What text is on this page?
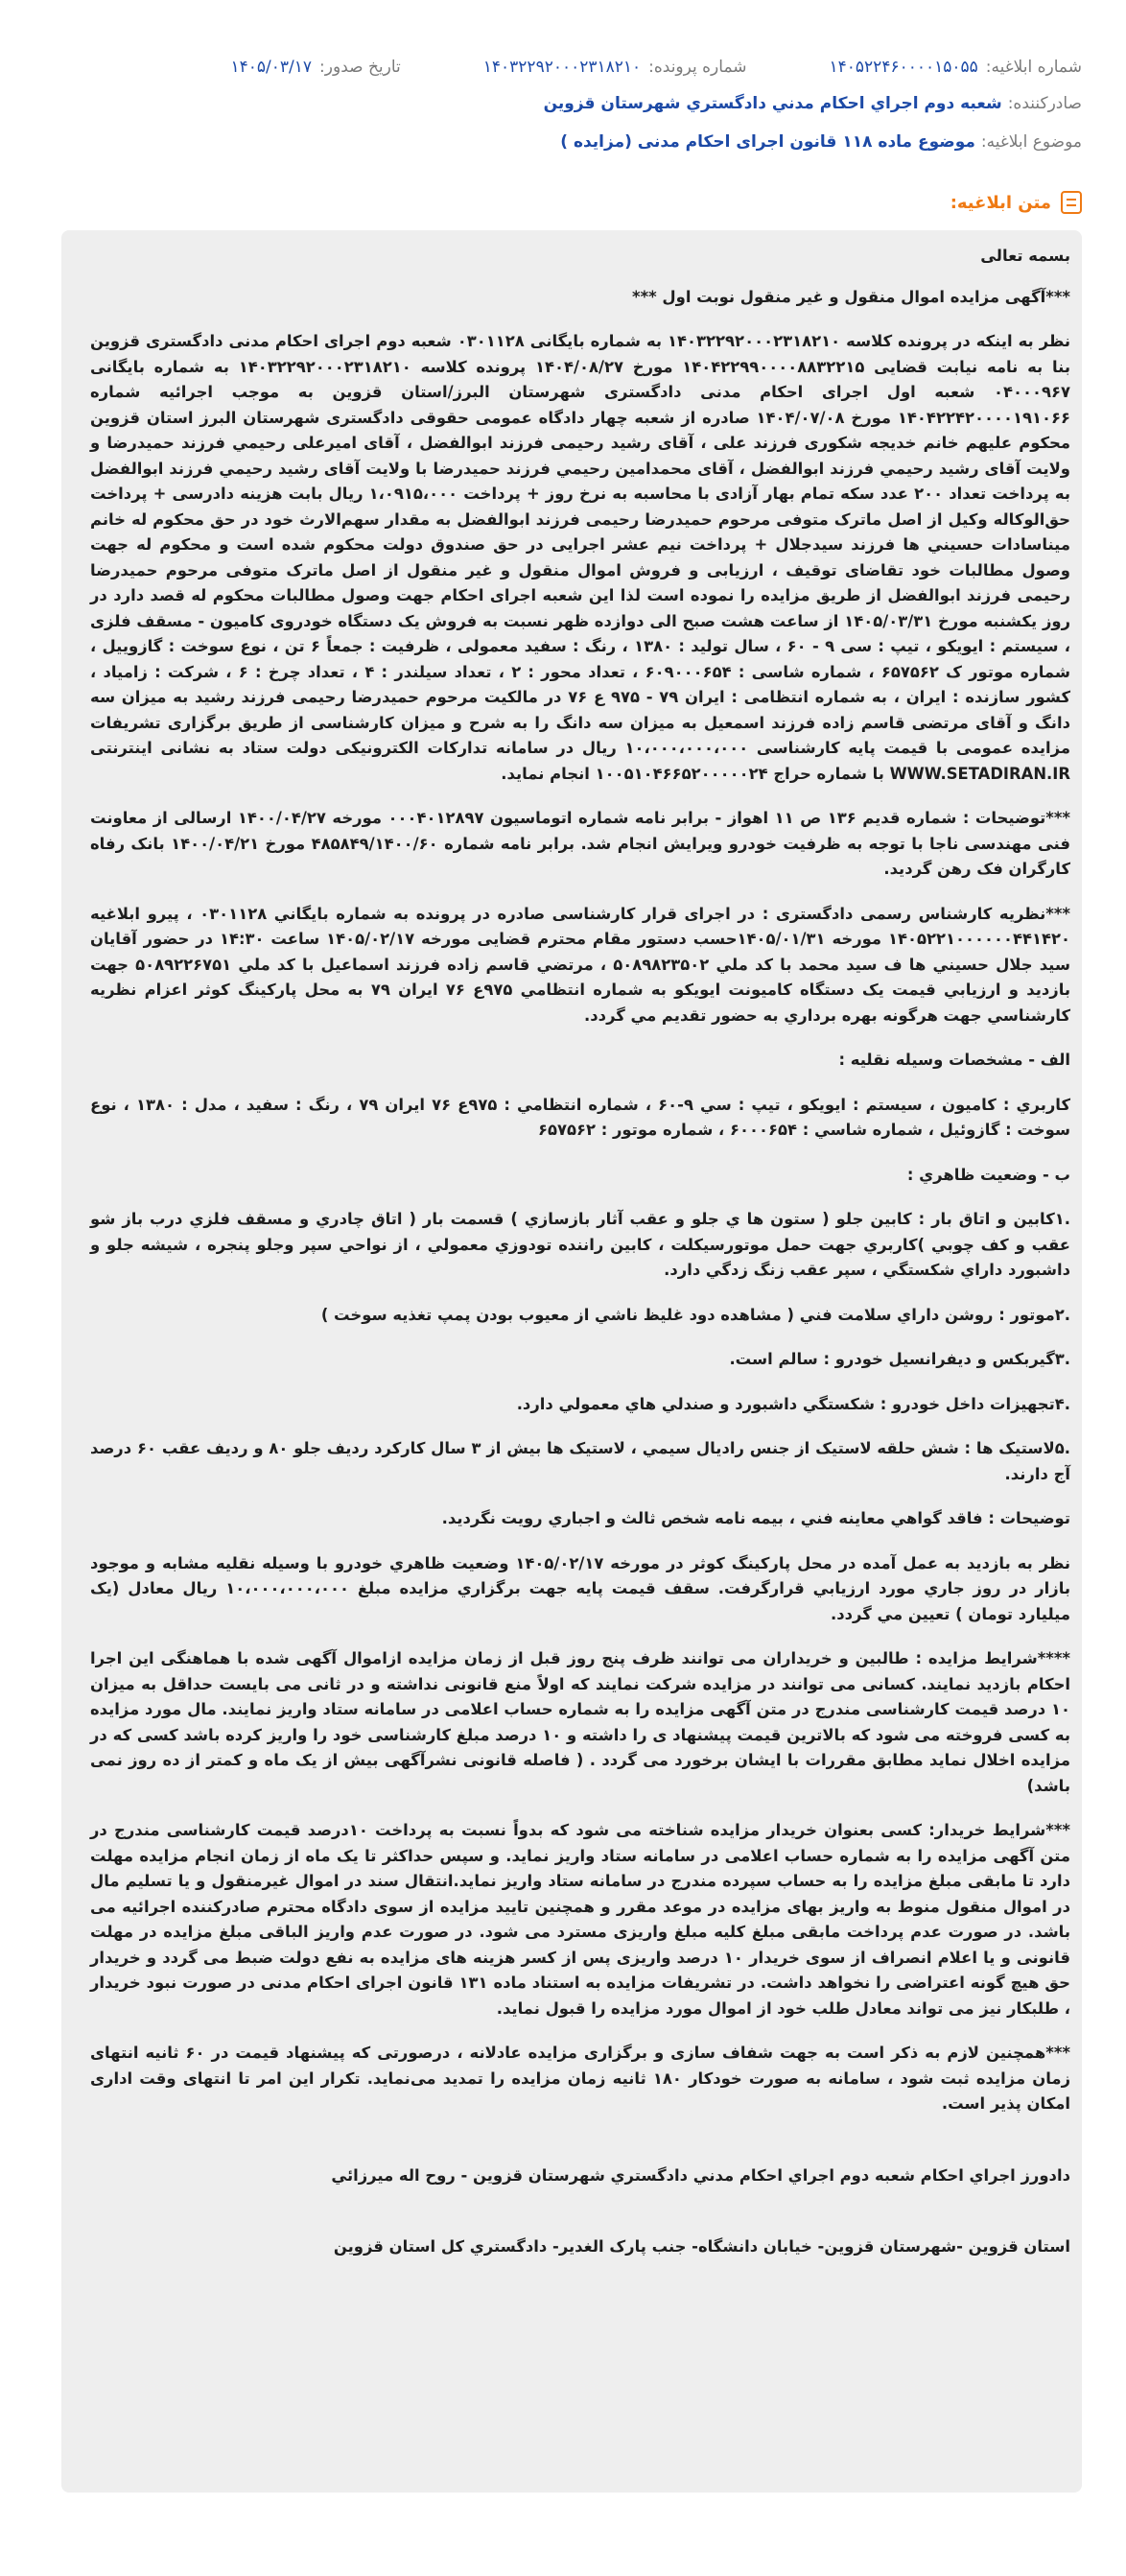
شماره ابلاغیه:
۱۴۰۵۲۲۴۶۰۰۰۰۱۵۰۵۵
شماره پرونده:
۱۴۰۳۲۲۹۲۰۰۰۲۳۱۸۲۱۰
تاریخ صدور:
۱۴۰۵/۰۳/۱۷
صادرکننده:
شعبه دوم اجراي احکام مدني دادگستري شهرستان قزوين
موضوع ابلاغیه:
موضوع ماده ۱۱۸ قانون اجرای احکام مدنی (مزایده )
متن ابلاغیه:

بسمه تعالی

***آگهی مزایده اموال منقول و غیر منقول نوبت اول ***

نظر به اینکه در پرونده کلاسه ۱۴۰۳۲۲۹۲۰۰۰۲۳۱۸۲۱۰ به شماره بایگانی ۰۳۰۱۱۲۸ شعبه دوم اجرای احکام مدنی دادگستری قزوین بنا به نامه نیابت قضایی ۱۴۰۴۲۲۹۹۰۰۰۰۸۸۳۲۲۱۵ مورخ ۱۴۰۴/۰۸/۲۷ پرونده کلاسه ۱۴۰۳۲۲۹۲۰۰۰۲۳۱۸۲۱۰ به شماره بایگانی ۰۴۰۰۰۹۶۷ شعبه اول اجرای احکام مدنی دادگستری شهرستان البرز/استان قزوین به موجب اجرائیه شماره ۱۴۰۴۲۲۴۲۰۰۰۰۱۹۱۰۶۶ مورخ ۱۴۰۴/۰۷/۰۸ صادره از شعبه چهار دادگاه عمومی حقوقی دادگستری شهرستان البرز استان قزوین محکوم علیهم خانم خدیجه شکوری فرزند علی ، آقای رشید رحیمی فرزند ابوالفضل ، آقای امیرعلی رحیمي فرزند حمیدرضا و ولایت آقای رشید رحیمي فرزند ابوالفضل ، آقای محمدامین رحیمي فرزند حمیدرضا با ولایت آقای رشید رحیمي فرزند ابوالفضل به پرداخت تعداد ۲۰۰ عدد سکه تمام بهار آزادی با محاسبه به نرخ روز + پرداخت ۱،۰۹۱۵،۰۰۰ ریال بابت هزینه دادرسی + پرداخت حق‌الوکاله وکیل از اصل ماترک متوفی مرحوم حمیدرضا رحیمی فرزند ابوالفضل به مقدار سهم‌الارث خود در حق محکوم له خانم میناسادات حسيني ها فرزند سیدجلال + پرداخت نیم عشر اجرایی در حق صندوق دولت محکوم شده است و محکوم له جهت وصول مطالبات خود تقاضای توقیف ، ارزیابی و فروش اموال منقول و غیر منقول از اصل ماترک متوفی مرحوم حمیدرضا رحیمی فرزند ابوالفضل از طریق مزایده را نموده است لذا این شعبه اجرای احکام جهت وصول مطالبات محکوم له قصد دارد در روز یکشنبه مورخ ۱۴۰۵/۰۳/۳۱ از ساعت هشت صبح الی دوازده ظهر نسبت به فروش یک دستگاه خودروی کامیون - مسقف فلزی ، سیستم : ایویکو ، تیپ : سی ۹ - ۶۰ ، سال تولید : ۱۳۸۰ ، رنگ : سفید معمولی ، ظرفیت : جمعاً ۶ تن ، نوع سوخت : گازوییل ، شماره موتور ک ۶۵۷۵۶۲ ، شماره شاسی : ۶۰۹۰۰۰۶۵۴ ، تعداد محور : ۲ ، تعداد سیلندر : ۴ ، تعداد چرخ : ۶ ، شرکت : زامیاد ، کشور سازنده : ایران ، به شماره انتظامی : ایران ۷۹ - ۹۷۵ ع ۷۶ در مالکیت مرحوم حمیدرضا رحیمی فرزند رشید به میزان سه دانگ و آقای مرتضی قاسم زاده فرزند اسمعیل به میزان سه دانگ را به شرح و میزان کارشناسی از طریق برگزاری تشریفات مزایده عمومی با قیمت پایه کارشناسی ۱۰،۰۰۰،۰۰۰،۰۰۰ ریال در سامانه تدارکات الکترونیکی دولت ستاد به نشانی اینترنتی WWW.SETADIRAN.IR با شماره حراج ۱۰۰۵۱۰۴۶۶۵۲۰۰۰۰۰۲۴ انجام نماید.

***توضیحات : شماره قدیم ۱۳۶ ص ۱۱ اهواز - برابر نامه شماره اتوماسیون ۰۰۰۴۰۱۲۸۹۷ مورخه ۱۴۰۰/۰۴/۲۷ ارسالی از معاونت فنی مهندسی ناجا با توجه به ظرفیت خودرو ویرایش انجام شد. برابر نامه شماره ۴۸۵۸۴۹/۱۴۰۰/۶۰ مورخ ۱۴۰۰/۰۴/۲۱ بانک رفاه کارگران فک رهن گردید.

***نظریه کارشناس رسمی دادگستری : در اجرای قرار کارشناسی صادره در پرونده به شماره بایگاني ۰۳۰۱۱۲۸ ، پیرو ابلاغیه ۱۴۰۵۲۲۱۰۰۰۰۰۰۴۴۱۴۲۰ مورخه ۱۴۰۵/۰۱/۳۱حسب دستور مقام محترم قضایی مورخه ۱۴۰۵/۰۲/۱۷ ساعت ۱۴:۳۰ در حضور آقایان سید جلال حسيني ها ف سید محمد با کد ملي ۵۰۸۹۸۲۳۵۰۲ ، مرتضي قاسم زاده فرزند اسماعیل با کد ملي ۵۰۸۹۲۲۶۷۵۱ جهت بازدید و ارزیابي قیمت یک دستگاه کامیونت ایویکو به شماره انتظامي ۹۷۵ع ۷۶ ایران ۷۹ به محل پارکینگ کوثر اعزام نظریه کارشناسي جهت هرگونه بهره برداري به حضور تقدیم مي گردد.

الف - مشخصات وسیله نقلیه :

کاربري : کامیون ، سیستم : ایویکو ، تیپ : سي ۹-۶۰ ، شماره انتظامي : ۹۷۵ع ۷۶ ایران ۷۹ ، رنگ : سفید ، مدل : ۱۳۸۰ ، نوع سوخت : گازوئیل ، شماره شاسي : ۶۰۰۰۶۵۴ ، شماره موتور : ۶۵۷۵۶۲

ب - وضعیت ظاهري :

.۱کابین و اتاق بار : کابین جلو ( ستون ها ي جلو و عقب آثار بازسازي ) قسمت بار ( اتاق چادري و مسقف فلزي درب باز شو عقب و کف چوبي )کاربري جهت حمل موتورسیکلت ، کابین راننده تودوزي معمولي ، از نواحي سپر وجلو پنجره ، شیشه جلو و داشبورد داراي شکستگي ، سپر عقب زنگ زدگي دارد.

.۲موتور : روشن داراي سلامت فني ( مشاهده دود غلیظ ناشي از معیوب بودن پمپ تغذیه سوخت )

.۳گیربکس و دیفرانسیل خودرو : سالم است.

.۴تجهیزات داخل خودرو : شکستگي داشبورد و صندلي هاي معمولي دارد.

.۵لاستیک ها : شش حلقه لاستیک از جنس رادیال سیمي ، لاستیک ها بیش از ۳ سال کارکرد ردیف جلو ۸۰ و ردیف عقب ۶۰ درصد آج دارند.

توضیحات : فاقد گواهي معاینه فني ، بیمه نامه شخص ثالث و اجباري رویت نگردید.

نظر به بازدید به عمل آمده در محل پارکینگ کوثر در مورخه ۱۴۰۵/۰۲/۱۷ وضعیت ظاهري خودرو با وسیله نقلیه مشابه و موجود بازار در روز جاري مورد ارزیابي قرارگرفت. سقف قیمت پایه جهت برگزاري مزایده مبلغ ۱۰،۰۰۰،۰۰۰،۰۰۰ ریال معادل (یک میلیارد تومان ) تعیین مي گردد.

****شرایط مزایده : طالبین و خریداران می توانند ظرف پنج روز قبل از زمان مزایده ازاموال آگهی شده با هماهنگی این اجرا احکام بازدید نمایند. کسانی می توانند در مزایده شرکت نمایند که اولاً منع قانونی نداشته و در ثانی می بایست حداقل به میزان ۱۰ درصد قیمت کارشناسی مندرج در متن آگهی مزایده را به شماره حساب اعلامی در سامانه ستاد واریز نمایند. مال مورد مزایده به کسی فروخته می شود که بالاترین قیمت پیشنهاد ی را داشته و ۱۰ درصد مبلغ کارشناسی خود را واریز کرده باشد کسی که در مزایده اخلال نماید مطابق مقررات با ایشان برخورد می گردد . ( فاصله قانونی نشرآگهی بیش از یک ماه و کمتر از ده روز نمی باشد)

***شرایط خریدار: کسی بعنوان خریدار مزایده شناخته می شود که بدواً نسبت به پرداخت ۱۰درصد قیمت کارشناسی مندرج در متن آگهی مزایده را به شماره حساب اعلامی در سامانه ستاد واریز نماید. و سپس حداکثر تا یک ماه از زمان انجام مزایده مهلت دارد تا مابقی مبلغ مزایده را به حساب سپرده مندرج در سامانه ستاد واریز نماید.انتقال سند در اموال غیرمنقول و یا تسلیم مال در اموال منقول منوط به واریز بهای مزایده در موعد مقرر و همچنین تایید مزایده از سوی دادگاه محترم صادرکننده اجرائیه می باشد. در صورت عدم پرداخت مابقی مبلغ کلیه مبلغ واریزی مسترد می شود. در صورت عدم واریز الباقی مبلغ مزایده در مهلت قانونی و یا اعلام انصراف از سوی خریدار ۱۰ درصد واریزی پس از کسر هزینه های مزایده به نفع دولت ضبط می گردد و خریدار حق هیچ گونه اعتراضی را نخواهد داشت. در تشریفات مزایده به استناد ماده ۱۳۱ قانون اجرای احکام مدنی در صورت نبود خریدار ، طلبکار نیز می تواند معادل طلب خود از اموال مورد مزایده را قبول نماید.

***همچنین لازم به ذکر است به جهت شفاف سازی و برگزاری مزایده عادلانه ، درصورتی که پیشنهاد قیمت در ۶۰ ثانیه انتهای زمان مزایده ثبت شود ، سامانه به صورت خودکار ۱۸۰ ثانیه زمان مزایده را تمدید می‌نماید. تکرار این امر تا انتهای وقت اداری امکان پذیر است.

دادورز اجراي احکام شعبه دوم اجراي احکام مدني دادگستري شهرستان قزوین - روح اله میرزائي

استان قزوین -شهرستان قزوین- خیابان دانشگاه- جنب پارک الغدیر- دادگستري کل استان قزوین
